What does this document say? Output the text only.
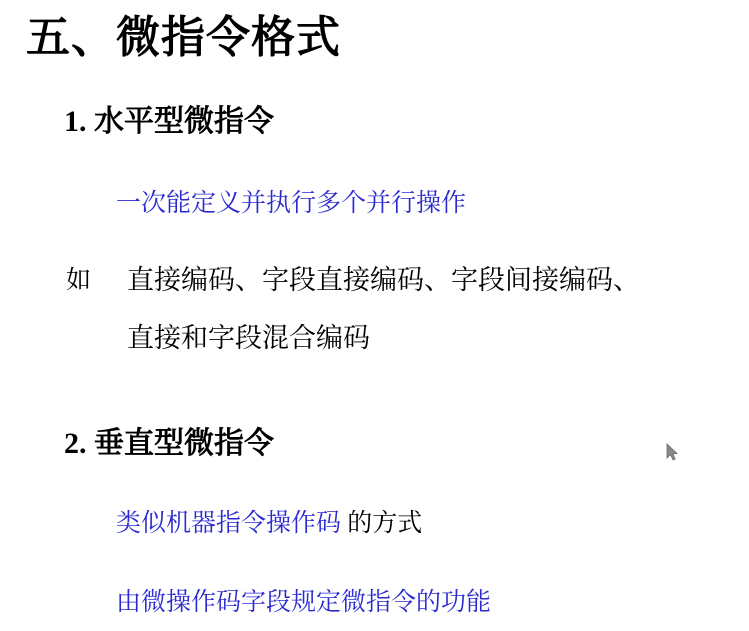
五、微指令格式
1. 水平型微指令
一次能定义并执行多个并行操作
如 直接编码、字段直接编码、字段间接编码、
直接和字段混合编码
2. 垂直型微指令
类似机器指令操作码 的方式
由微操作码字段规定微指令的功能
